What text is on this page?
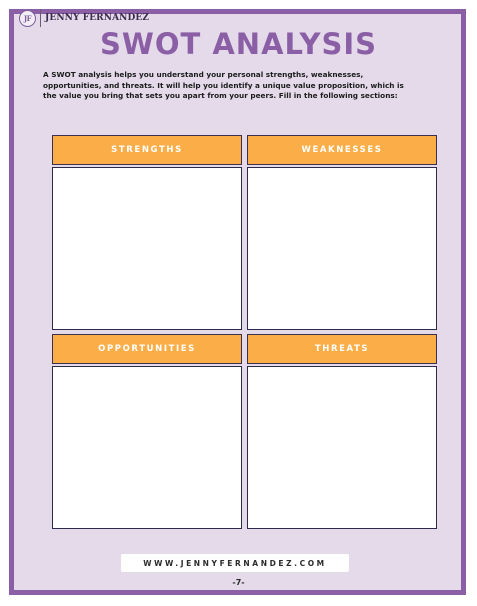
JF	JENNY FERNANDEZ
SWOT ANALYSIS
A SWOT analysis helps you understand your personal strengths, weaknesses, opportunities, and threats. It will help you identify a unique value proposition, which is the value you bring that sets you apart from your peers. Fill in the following sections:
STRENGTHS	WEAKNESSES
OPPORTUNITIES	THREATS
WWW.JENNYFERNANDEZ.COM
-7-
